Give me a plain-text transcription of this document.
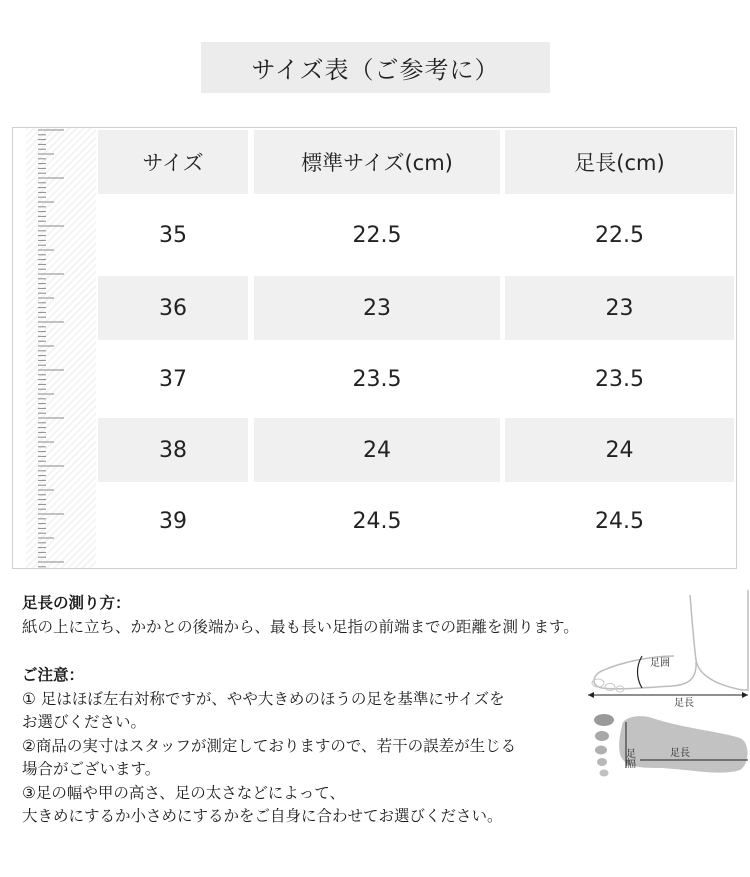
サイズ表（ご参考に）
サイズ	標準サイズ(cm)	足長(cm)
35	22.5	22.5
36	23	23
37	23.5	23.5
38	24	24
39	24.5	24.5
足長の測り方：
紙の上に立ち、かかとの後端から、最も長い足指の前端までの距離を測ります。
ご注意：
① 足はほぼ左右対称ですが、やや大きめのほうの足を基準にサイズを
お選びください。
②商品の実寸はスタッフが測定しておりますので、若干の誤差が生じる
場合がございます。
③足の幅や甲の高さ、足の太さなどによって、
大きめにするか小さめにするかをご自身に合わせてお選びください。
足囲
足長
足幅	足長
